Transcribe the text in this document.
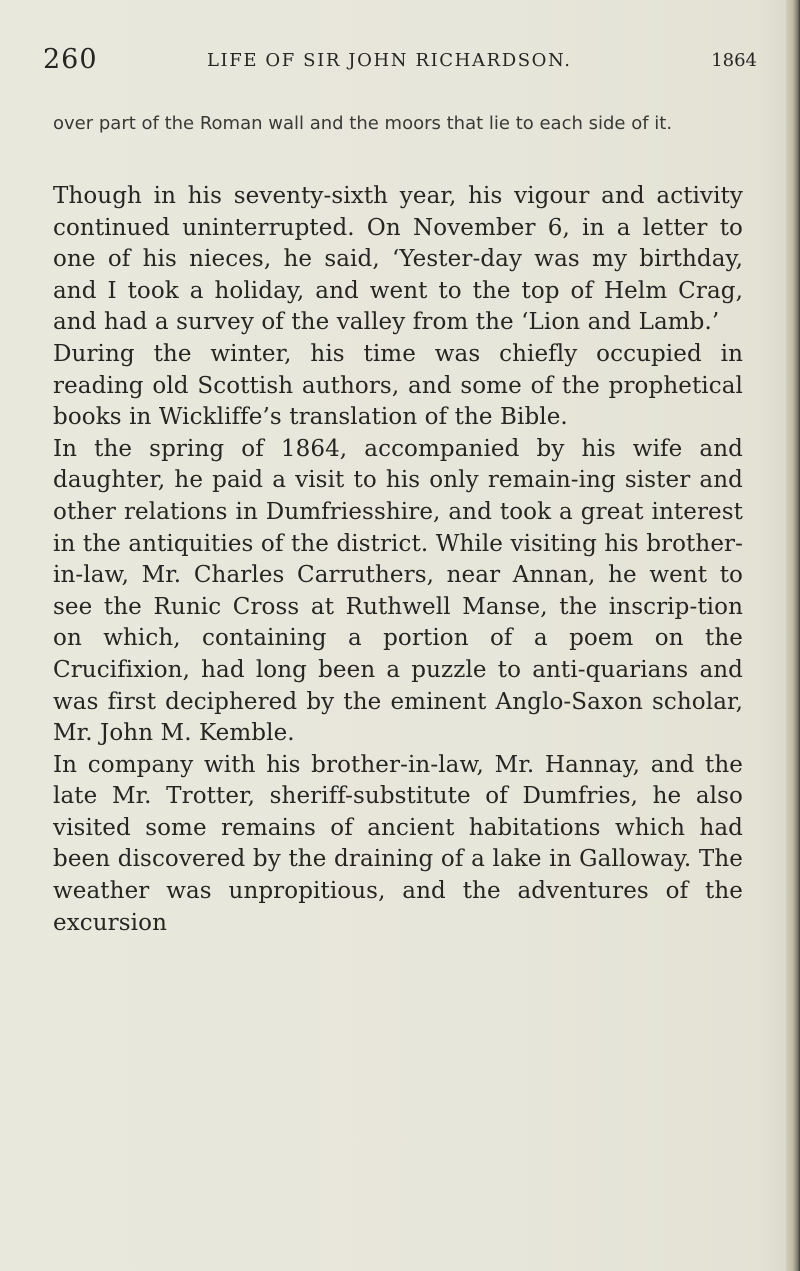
260	LIFE OF SIR JOHN RICHARDSON.	1864

over part of the Roman wall and the moors that lie to each side of it.

Though in his seventy-sixth year, his vigour and activity continued uninterrupted. On November 6, in a letter to one of his nieces, he said, ‘Yester-day was my birthday, and I took a holiday, and went to the top of Helm Crag, and had a survey of the valley from the ‘Lion and Lamb.’

During the winter, his time was chiefly occupied in reading old Scottish authors, and some of the prophetical books in Wickliffe’s translation of the Bible.

In the spring of 1864, accompanied by his wife and daughter, he paid a visit to his only remain-ing sister and other relations in Dumfriesshire, and took a great interest in the antiquities of the district. While visiting his brother-in-law, Mr. Charles Carruthers, near Annan, he went to see the Runic Cross at Ruthwell Manse, the inscrip-tion on which, containing a portion of a poem on the Crucifixion, had long been a puzzle to anti-quarians and was first deciphered by the eminent Anglo-Saxon scholar, Mr. John M. Kemble.

In company with his brother-in-law, Mr. Hannay, and the late Mr. Trotter, sheriff-substitute of Dumfries, he also visited some remains of ancient habitations which had been discovered by the draining of a lake in Galloway. The weather was unpropitious, and the adventures of the excursion
